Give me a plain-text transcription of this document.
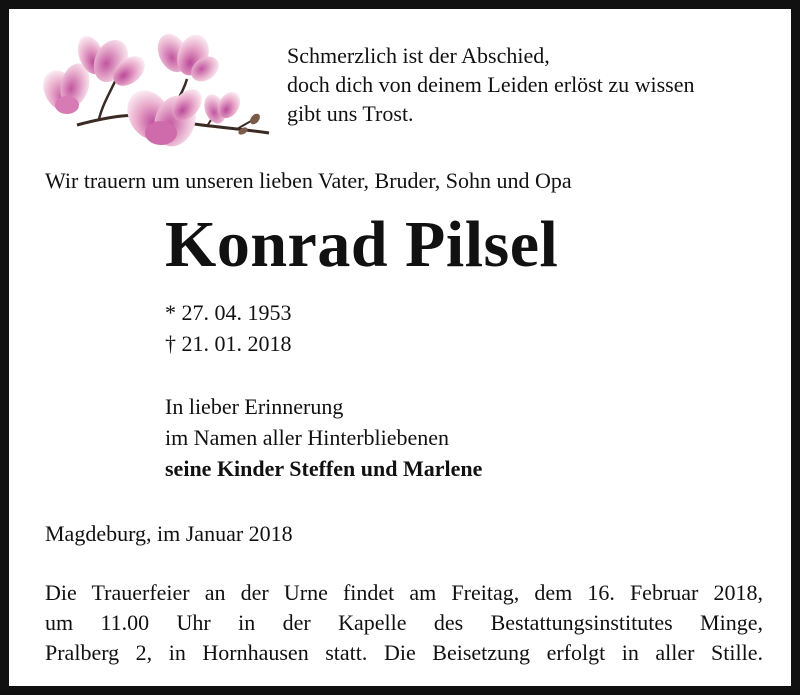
Schmerzlich ist der Abschied,
doch dich von deinem Leiden erlöst zu wissen
gibt uns Trost.
Wir trauern um unseren lieben Vater, Bruder, Sohn und Opa
Konrad Pilsel
* 27. 04. 1953
† 21. 01. 2018
In lieber Erinnerung
im Namen aller Hinterbliebenen
seine Kinder Steffen und Marlene
Magdeburg, im Januar 2018
Die Trauerfeier an der Urne findet am Freitag, dem 16. Februar 2018,
um 11.00 Uhr in der Kapelle des Bestattungsinstitutes Minge,
Pralberg 2, in Hornhausen statt. Die Beisetzung erfolgt in aller Stille.
